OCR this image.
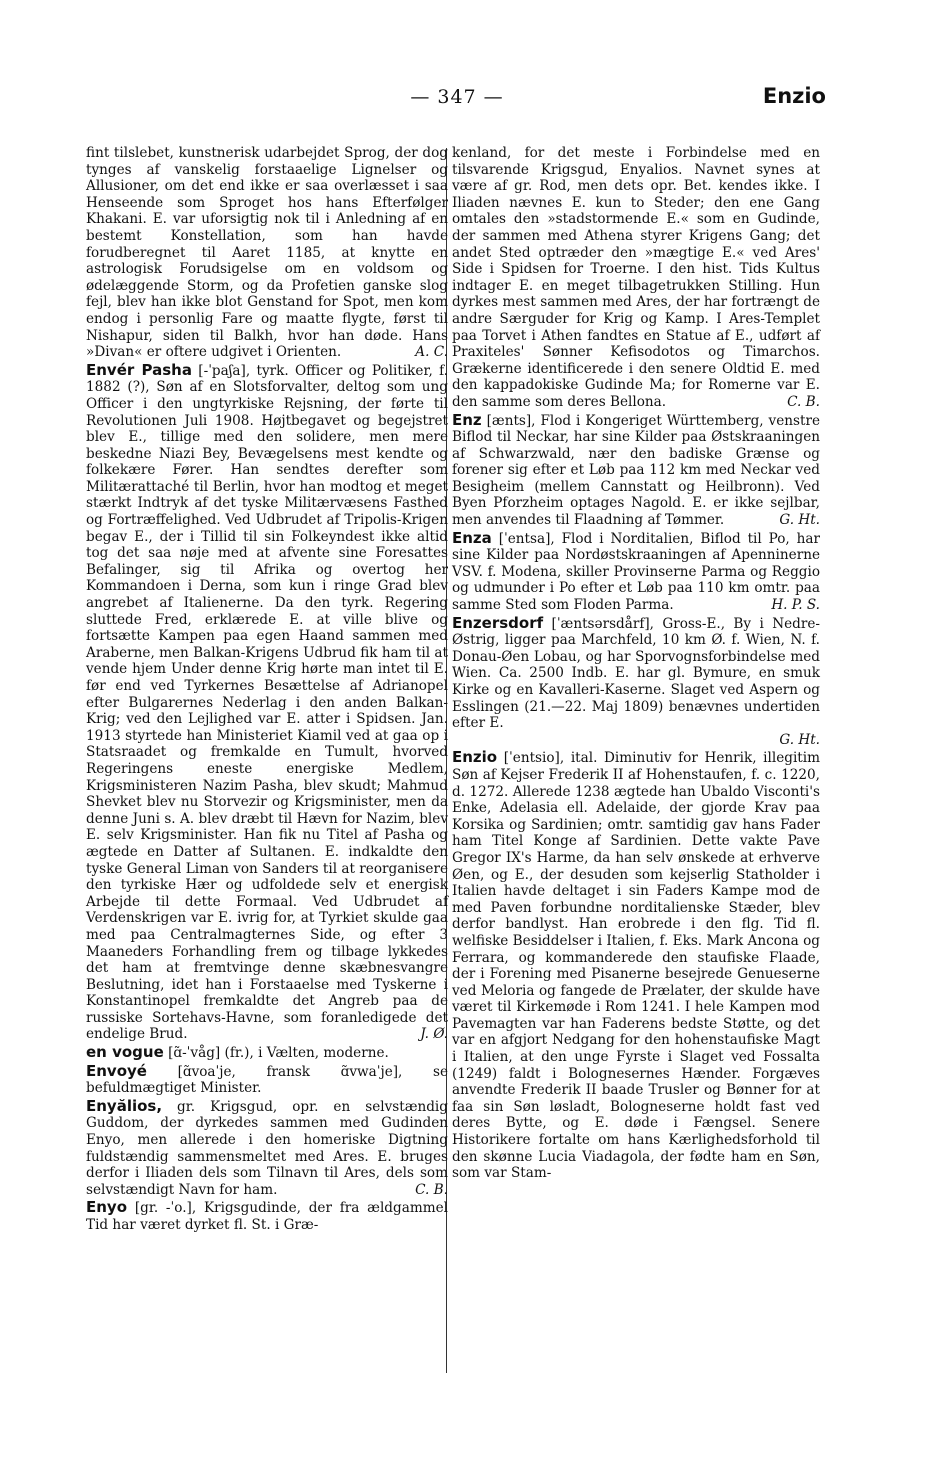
— 347 —	Enzio

fint tilslebet, kunstnerisk udarbejdet Sprog, der dog tynges af vanskelig forstaaelige Lignelser og Allusioner, om det end ikke er saa overlæsset i saa Henseende som Sproget hos hans Efterfølger Khakani. E. var uforsigtig nok til i Anledning af en bestemt Konstellation, som han havde forudberegnet til Aaret 1185, at knytte en astrologisk Forudsigelse om en voldsom og ødelæggende Storm, og da Profetien ganske slog fejl, blev han ikke blot Genstand for Spot, men kom endog i personlig Fare og maatte flygte, først til Nishapur, siden til Balkh, hvor han døde. Hans »Divan« er oftere udgivet i Orienten.	A. C.

Envér Pasha [-ˈpaʃa], tyrk. Officer og Politiker, f. 1882 (?), Søn af en Slotsforvalter, deltog som ung Officer i den ungtyrkiske Rejsning, der førte til Revolutionen Juli 1908. Højtbegavet og begejstret blev E., tillige med den solidere, men mere beskedne Niazi Bey, Bevægelsens mest kendte og folkekære Fører. Han sendtes derefter som Militærattaché til Berlin, hvor han modtog et meget stærkt Indtryk af det tyske Militærvæsens Fasthed og Fortræffelighed. Ved Udbrudet af Tripolis-Krigen begav E., der i Tillid til sin Folkeyndest ikke altid tog det saa nøje med at afvente sine Foresattes Befalinger, sig til Afrika og overtog her Kommandoen i Derna, som kun i ringe Grad blev angrebet af Italienerne. Da den tyrk. Regering sluttede Fred, erklærede E. at ville blive og fortsætte Kampen paa egen Haand sammen med Araberne, men Balkan-Krigens Udbrud fik ham til at vende hjem Under denne Krig hørte man intet til E. før end ved Tyrkernes Besættelse af Adrianopel efter Bulgarernes Nederlag i den anden Balkan-Krig; ved den Lejlighed var E. atter i Spidsen. Jan. 1913 styrtede han Ministeriet Kiamil ved at gaa op i Statsraadet og fremkalde en Tumult, hvorved Regeringens eneste energiske Medlem, Krigsministeren Nazim Pasha, blev skudt; Mahmud Shevket blev nu Storvezir og Krigsminister, men da denne Juni s. A. blev dræbt til Hævn for Nazim, blev E. selv Krigsminister. Han fik nu Titel af Pasha og ægtede en Datter af Sultanen. E. indkaldte den tyske General Liman von Sanders til at reorganisere den tyrkiske Hær og udfoldede selv et energisk Arbejde til dette Formaal. Ved Udbrudet af Verdenskrigen var E. ivrig for, at Tyrkiet skulde gaa med paa Centralmagternes Side, og efter 3 Maaneders Forhandling frem og tilbage lykkedes det ham at fremtvinge denne skæbnesvangre Beslutning, idet han i Forstaaelse med Tyskerne i Konstantinopel fremkaldte det Angreb paa de russiske Sortehavs-Havne, som foranledigede det endelige Brud.	J. Ø.

en vogue [ɑ̃-ˈvåg] (fr.), i Vælten, moderne.

Envoyé [ɑ̃voaˈje, fransk ɑ̃vwaˈje], se befuldmægtiget Minister.

Enyălios, gr. Krigsgud, opr. en selvstændig Guddom, der dyrkedes sammen med Gudinden Enyo, men allerede i den homeriske Digtning fuldstændig sammensmeltet med Ares. E. bruges derfor i Iliaden dels som Tilnavn til Ares, dels som selvstændigt Navn for ham.	C. B.

Enyo [gr. -ˈo.], Krigsgudinde, der fra ældgammel Tid har været dyrket fl. St. i Græ-

kenland, for det meste i Forbindelse med en tilsvarende Krigsgud, Enyalios. Navnet synes at være af gr. Rod, men dets opr. Bet. kendes ikke. I Iliaden nævnes E. kun to Steder; den ene Gang omtales den »stadstormende E.« som en Gudinde, der sammen med Athena styrer Krigens Gang; det andet Sted optræder den »mægtige E.« ved Ares' Side i Spidsen for Troerne. I den hist. Tids Kultus indtager E. en meget tilbagetrukken Stilling. Hun dyrkes mest sammen med Ares, der har fortrængt de andre Særguder for Krig og Kamp. I Ares-Templet paa Torvet i Athen fandtes en Statue af E., udført af Praxiteles' Sønner Kefisodotos og Timarchos. Grækerne identificerede i den senere Oldtid E. med den kappadokiske Gudinde Ma; for Romerne var E. den samme som deres Bellona.	C. B.

Enz [ænts], Flod i Kongeriget Württemberg, venstre Biflod til Neckar, har sine Kilder paa Østskraaningen af Schwarzwald, nær den badiske Grænse og forener sig efter et Løb paa 112 km med Neckar ved Besigheim (mellem Cannstatt og Heilbronn). Ved Byen Pforzheim optages Nagold. E. er ikke sejlbar, men anvendes til Flaadning af Tømmer.	G. Ht.

Enza [ˈentsa], Flod i Norditalien, Biflod til Po, har sine Kilder paa Nordøstskraaningen af Apenninerne VSV. f. Modena, skiller Provinserne Parma og Reggio og udmunder i Po efter et Løb paa 110 km omtr. paa samme Sted som Floden Parma.	H. P. S.

Enzersdorf [ˈæntsərsdårf], Gross-E., By i Nedre-Østrig, ligger paa Marchfeld, 10 km Ø. f. Wien, N. f. Donau-Øen Lobau, og har Sporvognsforbindelse med Wien. Ca. 2500 Indb. E. har gl. Bymure, en smuk Kirke og en Kavalleri-Kaserne. Slaget ved Aspern og Esslingen (21.—22. Maj 1809) benævnes undertiden efter E.
G. Ht.

Enzio [ˈentsio], ital. Diminutiv for Henrik, illegitim Søn af Kejser Frederik II af Hohenstaufen, f. c. 1220, d. 1272. Allerede 1238 ægtede han Ubaldo Visconti's Enke, Adelasia ell. Adelaide, der gjorde Krav paa Korsika og Sardinien; omtr. samtidig gav hans Fader ham Titel Konge af Sardinien. Dette vakte Pave Gregor IX's Harme, da han selv ønskede at erhverve Øen, og E., der desuden som kejserlig Statholder i Italien havde deltaget i sin Faders Kampe mod de med Paven forbundne norditalienske Stæder, blev derfor bandlyst. Han erobrede i den flg. Tid fl. welfiske Besiddelser i Italien, f. Eks. Mark Ancona og Ferrara, og kommanderede den staufiske Flaade, der i Forening med Pisanerne besejrede Genueserne ved Meloria og fangede de Prælater, der skulde have været til Kirkemøde i Rom 1241. I hele Kampen mod Pavemagten var han Faderens bedste Støtte, og det var en afgjort Nedgang for den hohenstaufiske Magt i Italien, at den unge Fyrste i Slaget ved Fossalta (1249) faldt i Bolognesernes Hænder. Forgæves anvendte Frederik II baade Trusler og Bønner for at faa sin Søn løsladt, Bologneserne holdt fast ved deres Bytte, og E. døde i Fængsel. Senere Historikere fortalte om hans Kærlighedsforhold til den skønne Lucia Viadagola, der fødte ham en Søn, som var Stam-
